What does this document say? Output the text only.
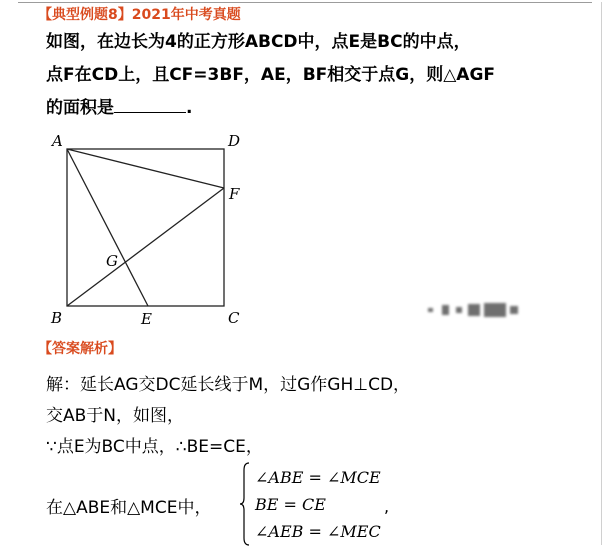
【典型例题8】2021年中考真题
如图，在边长为4的正方形ABCD中，点E是BC的中点，
点F在CD上，且CF=3BF，AE，BF相交于点G，则△AGF
的面积是	.
A	D
F
G
B	E	C
【答案解析】
解：延长AG交DC延长线于M，过G作GH⊥CD，
交AB于N，如图，
∵点E为BC中点，∴BE=CE，
在△ABE和△MCE中，
∠ABE = ∠MCE
BE = CE
∠AEB = ∠MEC
,
